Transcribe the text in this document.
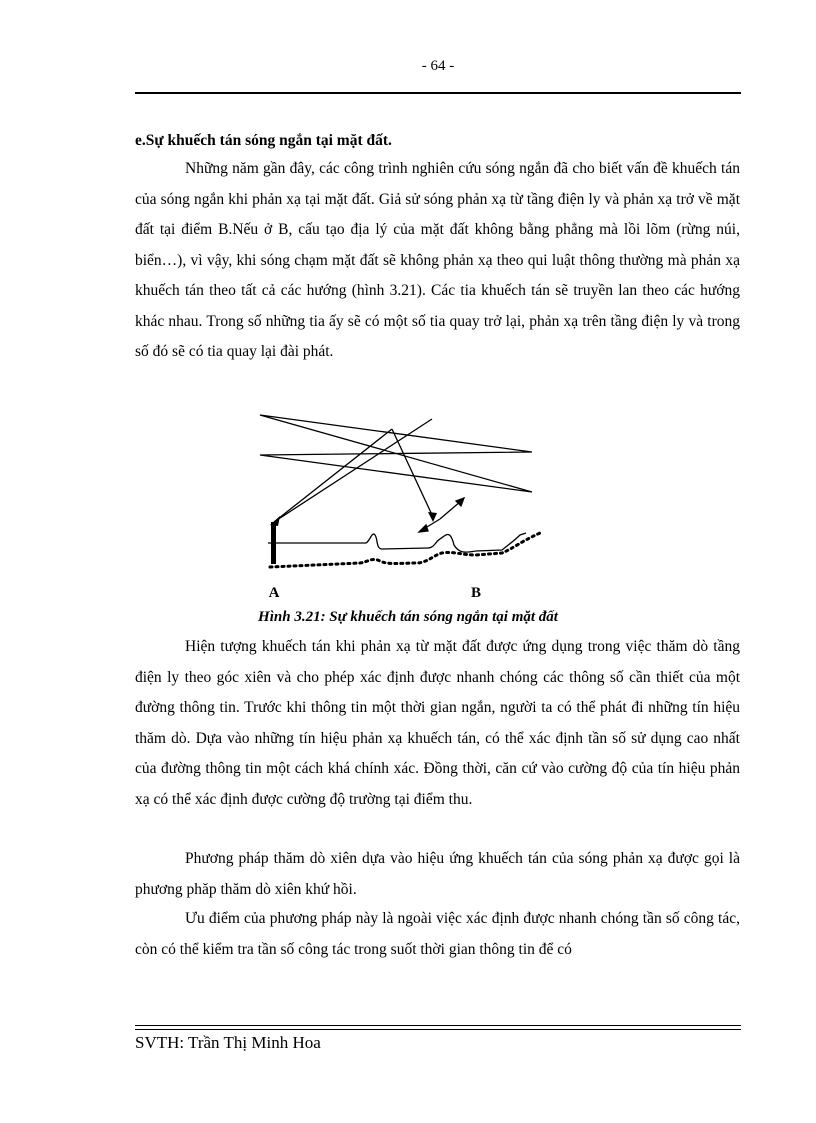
- 64 -
e.Sự khuếch tán sóng ngắn tại mặt đất.

Những năm gần đây, các công trình nghiên cứu sóng ngắn đã cho biết vấn đề khuếch tán của sóng ngắn khi phản xạ tại mặt đất. Giả sử sóng phản xạ từ tầng điện ly và phản xạ trở về mặt đất tại điểm B.Nếu ở B, cấu tạo địa lý của mặt đất không bằng phẳng mà lồi lõm (rừng núi, biển…), vì vậy, khi sóng chạm mặt đất sẽ không phản xạ theo qui luật thông thường mà phản xạ khuếch tán theo tất cả các hướng (hình 3.21). Các tia khuếch tán sẽ truyền lan theo các hướng khác nhau. Trong số những tia ấy sẽ có một số tia quay trở lại, phản xạ trên tầng điện ly và trong số đó sẽ có tia quay lại đài phát.

A	B
Hình 3.21: Sự khuếch tán sóng ngắn tại mặt đất

Hiện tượng khuếch tán khi phản xạ từ mặt đất được ứng dụng trong việc thăm dò tầng điện ly theo góc xiên và cho phép xác định được nhanh chóng các thông số cần thiết của một đường thông tin. Trước khi thông tin một thời gian ngắn, người ta có thể phát đi những tín hiệu thăm dò. Dựa vào những tín hiệu phản xạ khuếch tán, có thể xác định tần số sử dụng cao nhất của đường thông tin một cách khá chính xác. Đồng thời, căn cứ vào cường độ của tín hiệu phản xạ có thể xác định được cường độ trường tại điểm thu.

Phương pháp thăm dò xiên dựa vào hiệu ứng khuếch tán của sóng phản xạ được gọi là phương phăp thăm dò xiên khứ hồi.

Ưu điểm của phương pháp này là ngoài việc xác định được nhanh chóng tần số công tác, còn có thể kiểm tra tần số công tác trong suốt thời gian thông tin để có

SVTH: Trần Thị Minh Hoa
